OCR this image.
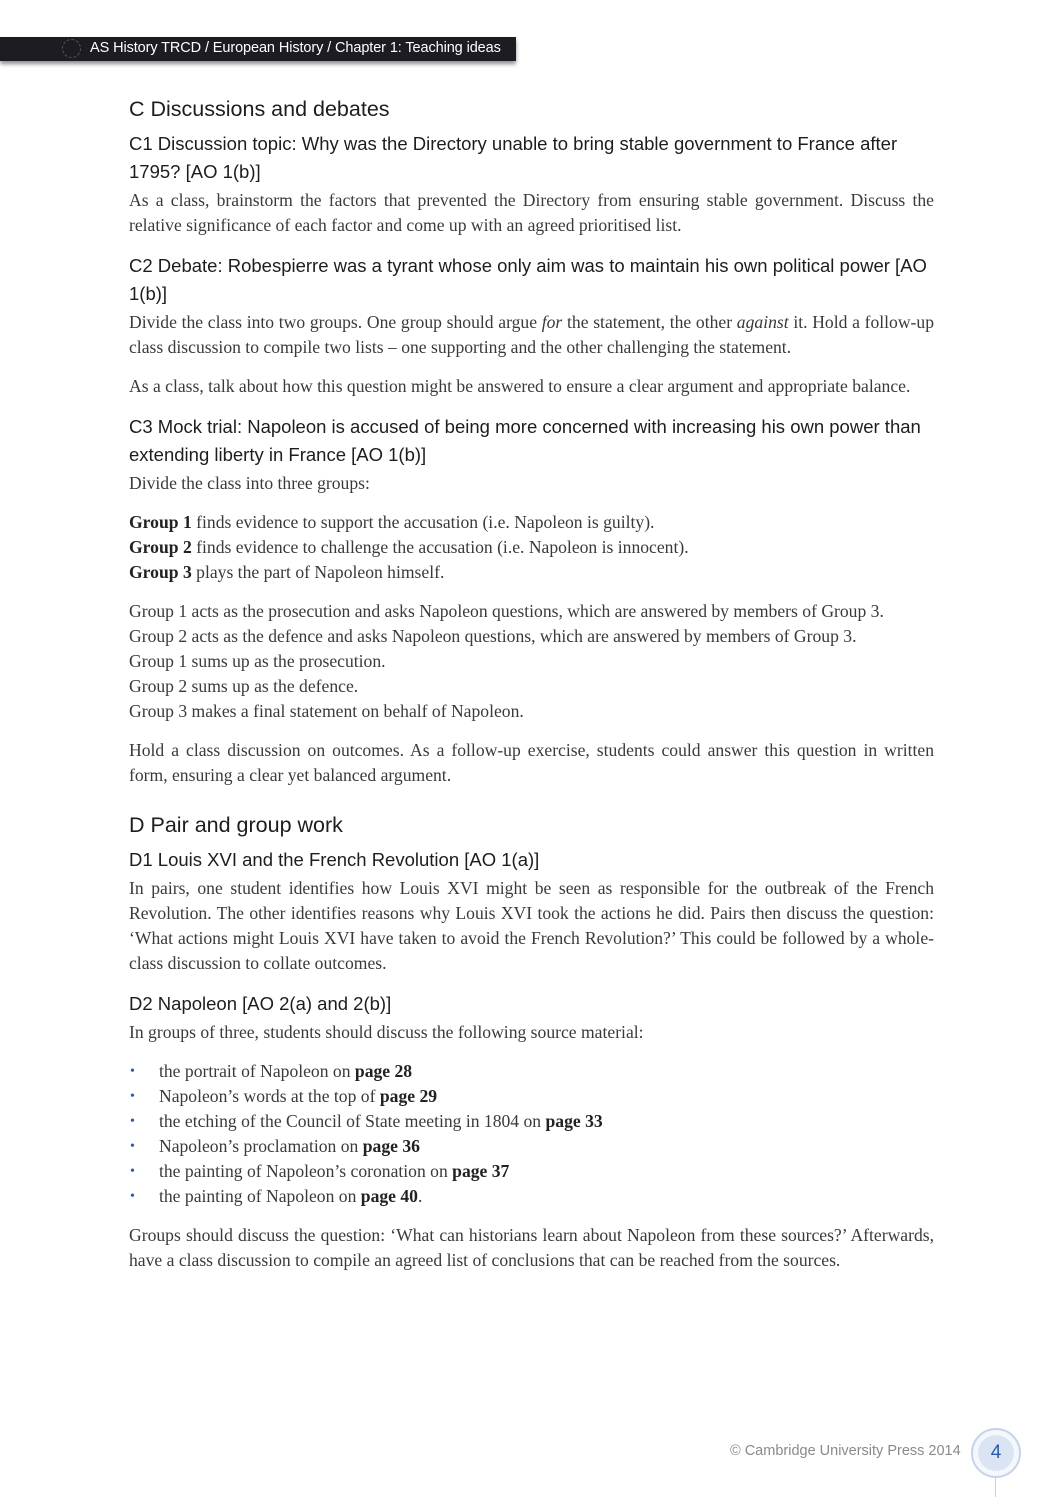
AS History TRCD / European History / Chapter 1: Teaching ideas
C Discussions and debates
C1 Discussion topic: Why was the Directory unable to bring stable government to France after 1795? [AO 1(b)]

As a class, brainstorm the factors that prevented the Directory from ensuring stable government. Discuss the relative significance of each factor and come up with an agreed prioritised list.

C2 Debate: Robespierre was a tyrant whose only aim was to maintain his own political power [AO 1(b)]

Divide the class into two groups. One group should argue for the statement, the other against it. Hold a follow-up class discussion to compile two lists – one supporting and the other challenging the statement.

As a class, talk about how this question might be answered to ensure a clear argument and appropriate balance.

C3 Mock trial: Napoleon is accused of being more concerned with increasing his own power than extending liberty in France [AO 1(b)]

Divide the class into three groups:

Group 1 finds evidence to support the accusation (i.e. Napoleon is guilty).

Group 2 finds evidence to challenge the accusation (i.e. Napoleon is innocent).

Group 3 plays the part of Napoleon himself.

Group 1 acts as the prosecution and asks Napoleon questions, which are answered by members of Group 3.

Group 2 acts as the defence and asks Napoleon questions, which are answered by members of Group 3.

Group 1 sums up as the prosecution.

Group 2 sums up as the defence.

Group 3 makes a final statement on behalf of Napoleon.

Hold a class discussion on outcomes. As a follow-up exercise, students could answer this question in written form, ensuring a clear yet balanced argument.

D Pair and group work
D1 Louis XVI and the French Revolution [AO 1(a)]

In pairs, one student identifies how Louis XVI might be seen as responsible for the outbreak of the French Revolution. The other identifies reasons why Louis XVI took the actions he did. Pairs then discuss the question: ‘What actions might Louis XVI have taken to avoid the French Revolution?’ This could be followed by a whole-class discussion to collate outcomes.

D2 Napoleon [AO 2(a) and 2(b)]

In groups of three, students should discuss the following source material:

• the portrait of Napoleon on page 28
• Napoleon’s words at the top of page 29
• the etching of the Council of State meeting in 1804 on page 33
• Napoleon’s proclamation on page 36
• the painting of Napoleon’s coronation on page 37
• the painting of Napoleon on page 40.

Groups should discuss the question: ‘What can historians learn about Napoleon from these sources?’ Afterwards, have a class discussion to compile an agreed list of conclusions that can be reached from the sources.

© Cambridge University Press 2014	4
